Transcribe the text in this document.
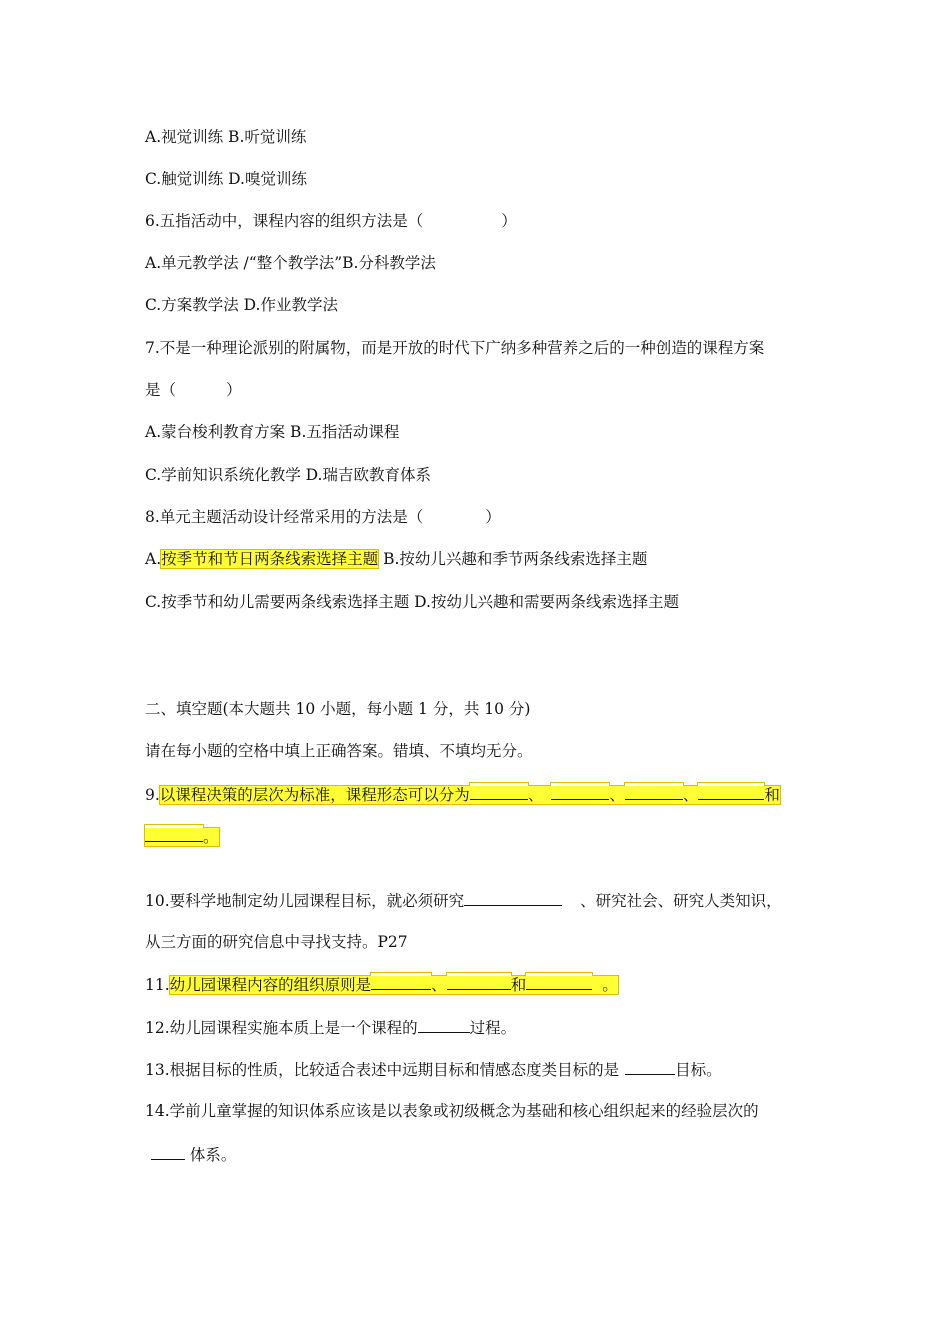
A.视觉训练 B.听觉训练
C.触觉训练 D.嗅觉训练
6.五指活动中，课程内容的组织方法是（	）
A.单元教学法 /“整个教学法”B.分科教学法
C.方案教学法 D.作业教学法
7.不是一种理论派别的附属物，而是开放的时代下广纳多种营养之后的一种创造的课程方案
是（	）
A.蒙台梭利教育方案 B.五指活动课程
C.学前知识系统化教学 D.瑞吉欧教育体系
8.单元主题活动设计经常采用的方法是（	）
A.按季节和节日两条线索选择主题 B.按幼儿兴趣和季节两条线索选择主题
C.按季节和幼儿需要两条线索选择主题 D.按幼儿兴趣和需要两条线索选择主题
二、填空题(本大题共 10 小题，每小题 1 分，共 10 分)
请在每小题的空格中填上正确答案。错填、不填均无分。
9.以课程决策的层次为标准，课程形态可以分为	、	、	、	和
。
10.要科学地制定幼儿园课程目标，就必须研究	、研究社会、研究人类知识，
从三方面的研究信息中寻找支持。P27
11.幼儿园课程内容的组织原则是	、	和	。
12.幼儿园课程实施本质上是一个课程的	过程。
13.根据目标的性质，比较适合表述中远期目标和情感态度类目标的是	目标。
14.学前儿童掌握的知识体系应该是以表象或初级概念为基础和核心组织起来的经验层次的
体系。
